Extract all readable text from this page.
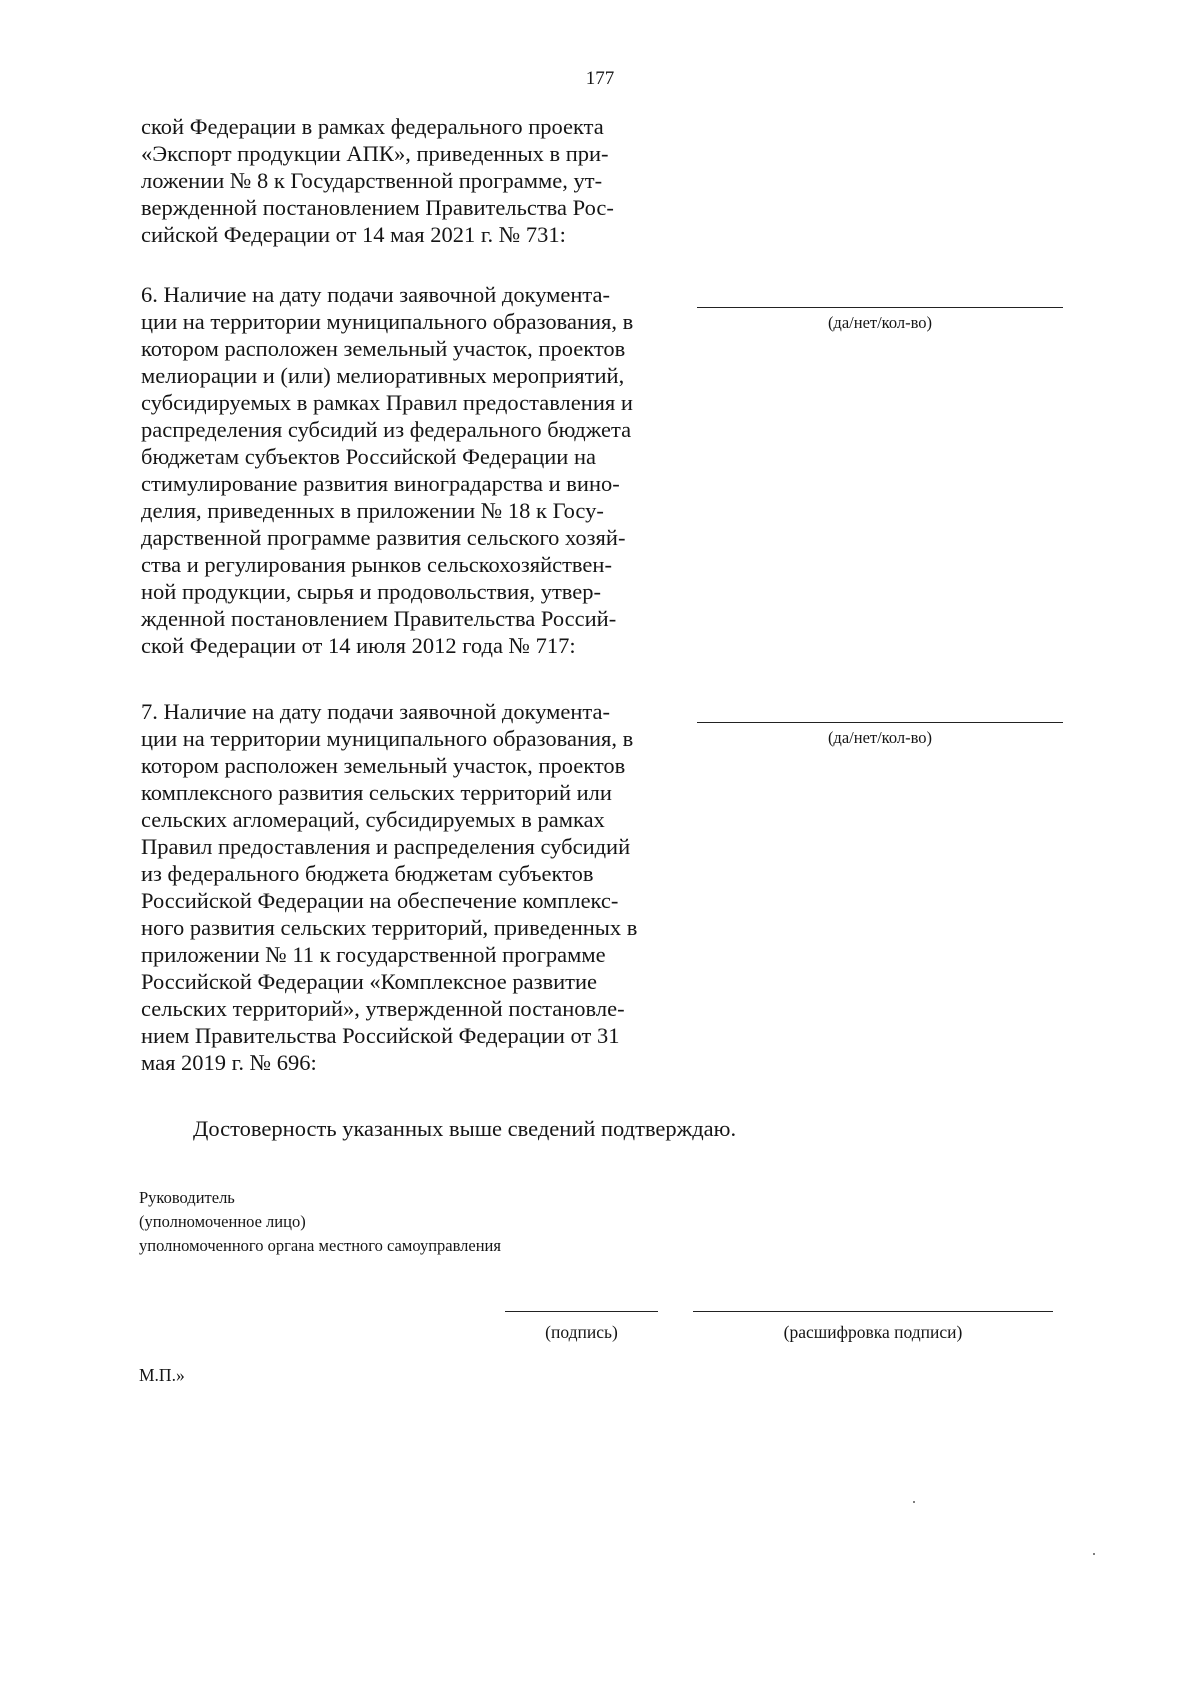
177
ской Федерации в рамках федерального проекта
«Экспорт продукции АПК», приведенных в при-
ложении № 8 к Государственной программе, ут-
вержденной постановлением Правительства Рос-
сийской Федерации от 14 мая 2021 г. № 731:
6. Наличие на дату подачи заявочной документа-
ции на территории муниципального образования, в
котором расположен земельный участок, проектов
мелиорации и (или) мелиоративных мероприятий,
субсидируемых в рамках Правил предоставления и
распределения субсидий из федерального бюджета
бюджетам субъектов Российской Федерации на
стимулирование развития виноградарства и вино-
делия, приведенных в приложении № 18 к Госу-
дарственной программе развития сельского хозяй-
ства и регулирования рынков сельскохозяйствен-
ной продукции, сырья и продовольствия, утвер-
жденной постановлением Правительства Россий-
ской Федерации от 14 июля 2012 года № 717:
(да/нет/кол-во)
7. Наличие на дату подачи заявочной документа-
ции на территории муниципального образования, в
котором расположен земельный участок, проектов
комплексного развития сельских территорий или
сельских агломераций, субсидируемых в рамках
Правил предоставления и распределения субсидий
из федерального бюджета бюджетам субъектов
Российской Федерации на обеспечение комплекс-
ного развития сельских территорий, приведенных в
приложении № 11 к государственной программе
Российской Федерации «Комплексное развитие
сельских территорий», утвержденной постановле-
нием Правительства Российской Федерации от 31
мая 2019 г. № 696:
(да/нет/кол-во)
Достоверность указанных выше сведений подтверждаю.
Руководитель
(уполномоченное лицо)
уполномоченного органа местного самоуправления
(подпись)	(расшифровка подписи)
М.П.»
